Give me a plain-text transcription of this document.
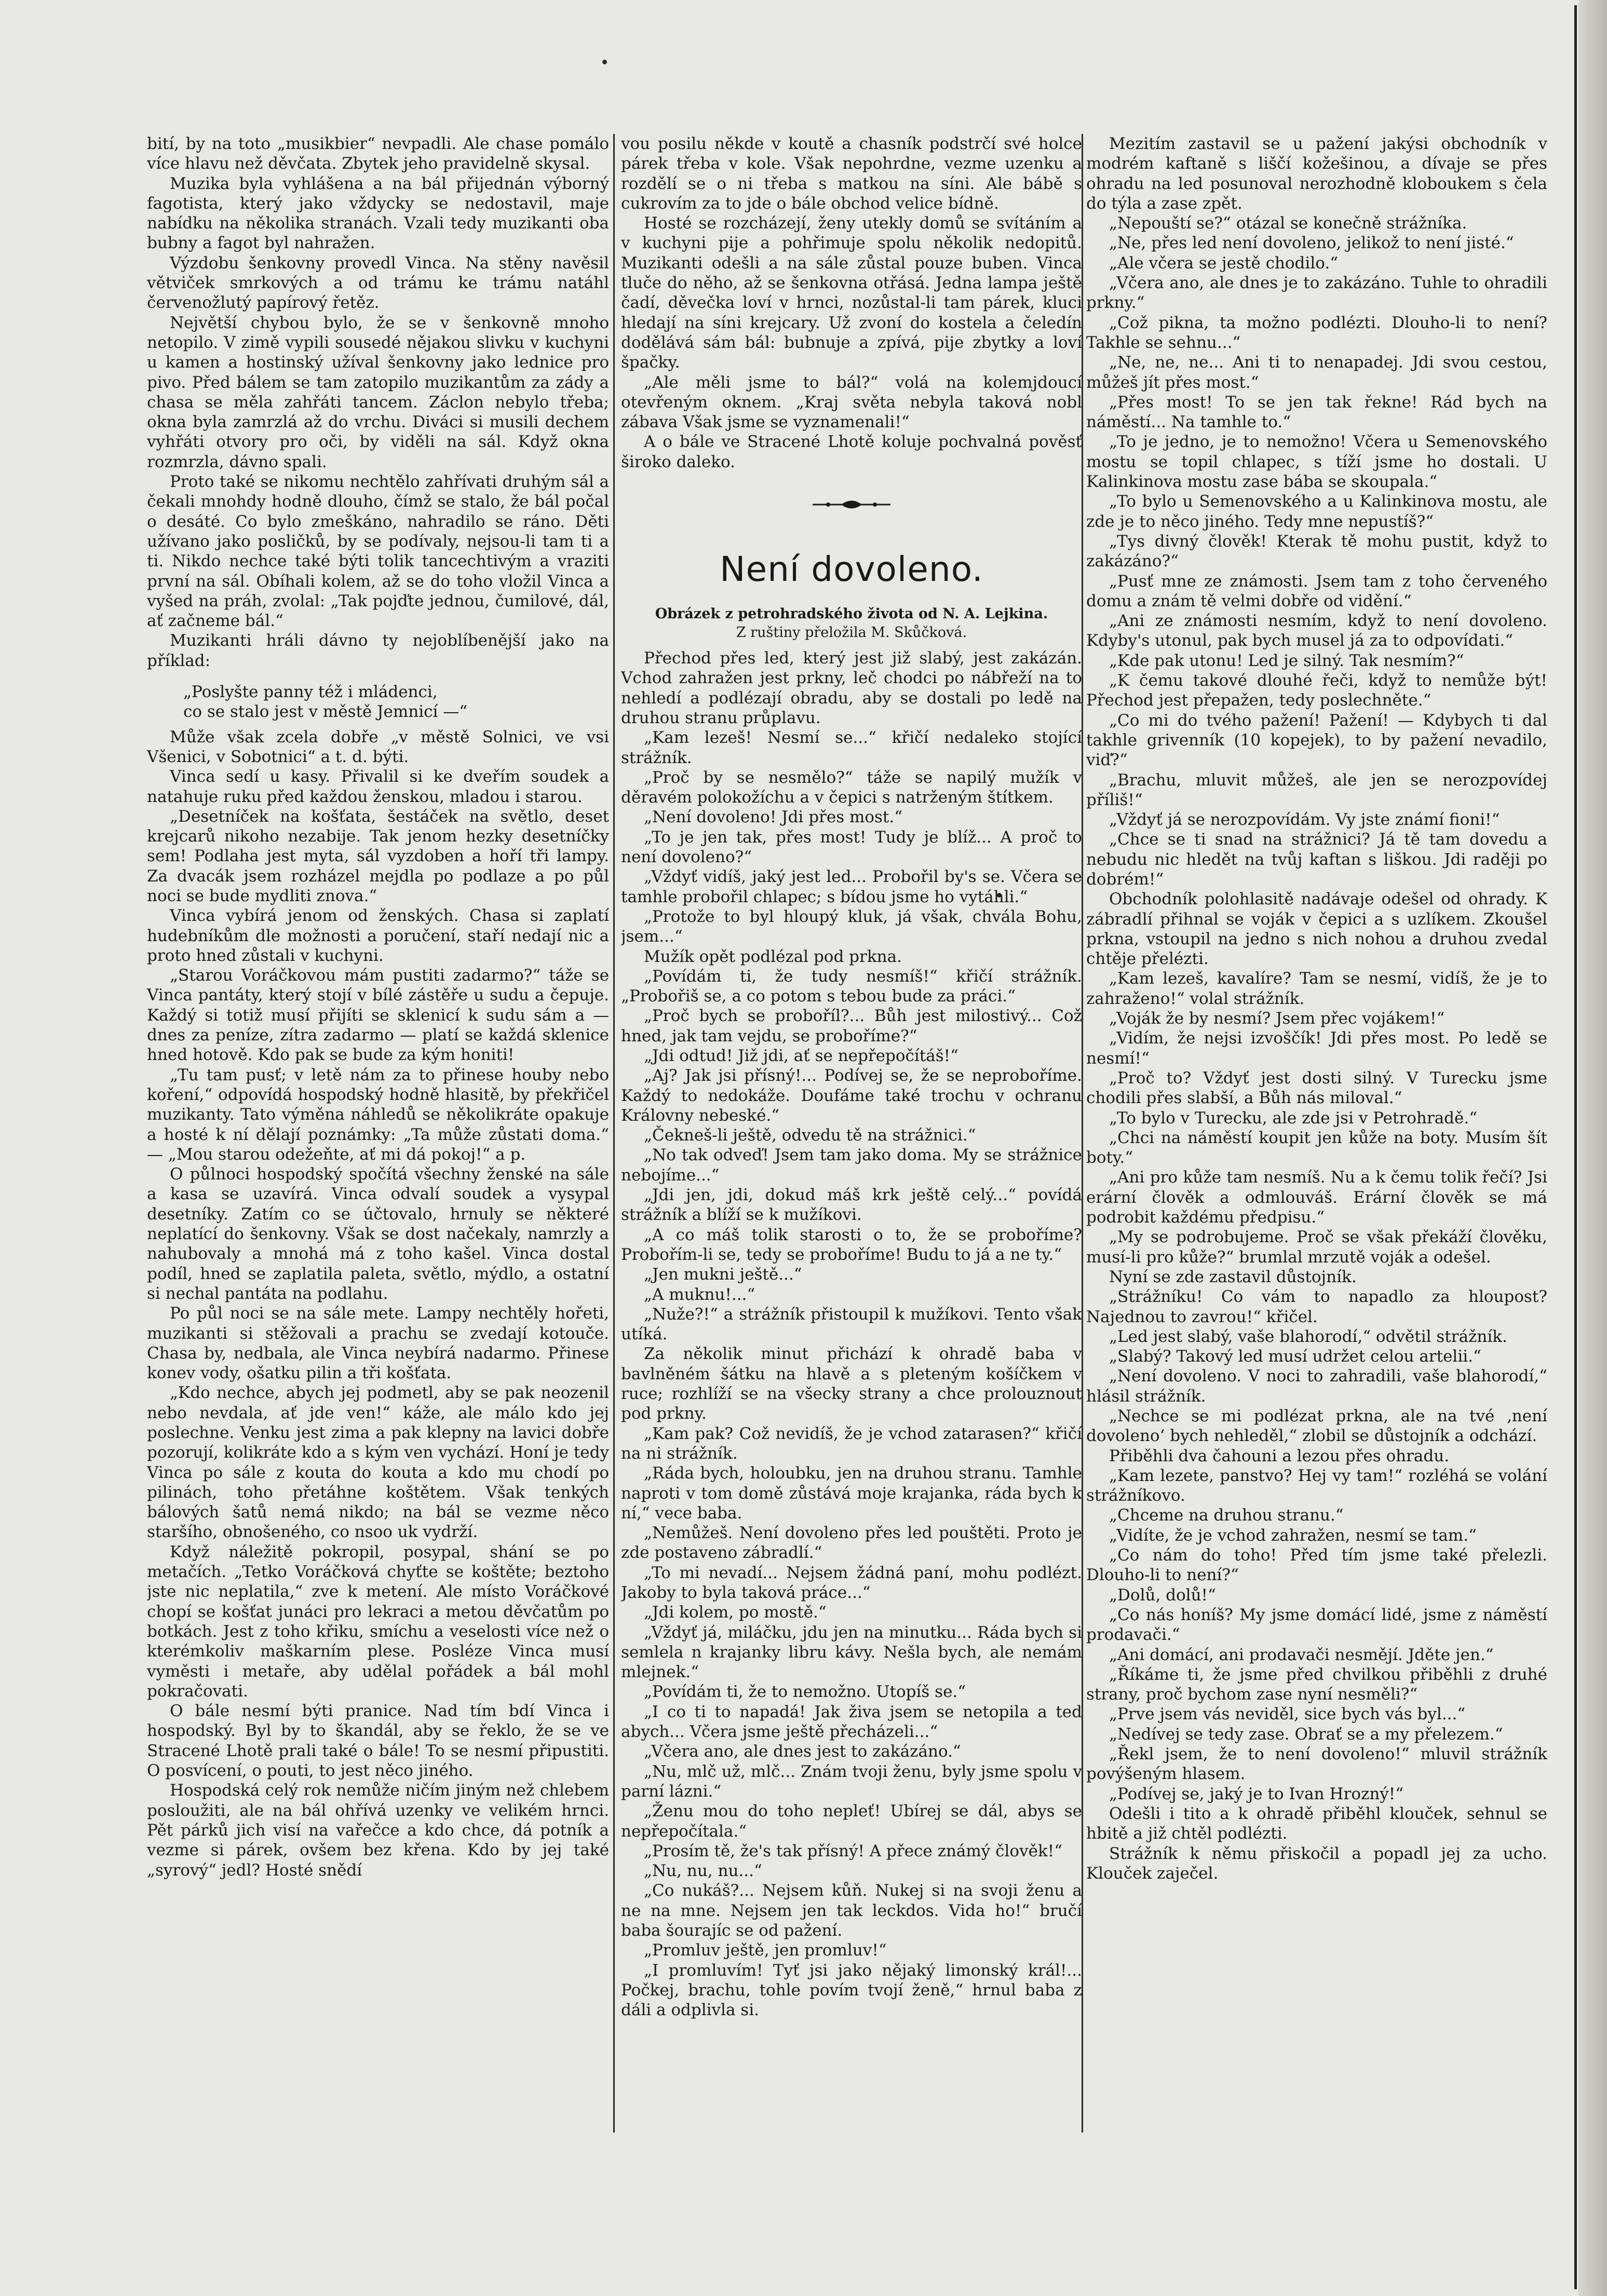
bití, by na toto „musikbier“ nevpadli. Ale chase pomálo více hlavu než děvčata. Zbytek jeho pravidelně skysal.

Muzika byla vyhlášena a na bál přijednán výborný fagotista, který jako vždycky se nedostavil, maje nabídku na několika stranách. Vzali tedy muzikanti oba bubny a fagot byl nahražen.

Výzdobu šenkovny provedl Vinca. Na stěny navěsil větviček smrkových a od trámu ke trámu natáhl červenožlutý papírový řetěz.

Největší chybou bylo, že se v šenkovně mnoho netopilo. V zimě vypili sousedé nějakou slivku v kuchyni u kamen a hostinský užíval šenkovny jako lednice pro pivo. Před bálem se tam zatopilo muzikantům za zády a chasa se měla zahřáti tancem. Záclon nebylo třeba; okna byla zamrzlá až do vrchu. Diváci si musili dechem vyhřáti otvory pro oči, by viděli na sál. Když okna rozmrzla, dávno spali.

Proto také se nikomu nechtělo zahřívati druhým sál a čekali mnohdy hodně dlouho, čímž se stalo, že bál počal o desáté. Co bylo zmeškáno, nahradilo se ráno. Děti užívano jako posličků, by se podívaly, nejsou-li tam ti a ti. Nikdo nechce také býti tolik tancechtivým a vraziti první na sál. Obíhali kolem, až se do toho vložil Vinca a vyšed na práh, zvolal: „Tak pojďte jednou, čumilové, dál, ať začneme bál.“

Muzikanti hráli dávno ty nejoblíbenější jako na příklad:

„Poslyšte panny též i mládenci,

co se stalo jest v městě Jemnicí —“

Může však zcela dobře „v městě Solnici, ve vsi Všenici, v Sobotnici“ a t. d. býti.

Vinca sedí u kasy. Přivalil si ke dveřím soudek a natahuje ruku před každou ženskou, mladou i starou.

„Desetníček na košťata, šestáček na světlo, deset krejcarů nikoho nezabije. Tak jenom hezky desetníčky sem! Podlaha jest myta, sál vyzdoben a hoří tři lampy. Za dvacák jsem rozházel mejdla po podlaze a po půl noci se bude mydliti znova.“

Vinca vybírá jenom od ženských. Chasa si zaplatí hudebníkům dle možnosti a poručení, staří nedají nic a proto hned zůstali v kuchyni.

„Starou Voráčkovou mám pustiti zadarmo?“ táže se Vinca pantáty, který stojí v bílé zástěře u sudu a čepuje. Každý si totiž musí přijíti se sklenicí k sudu sám a — dnes za peníze, zítra zadarmo — platí se každá sklenice hned hotově. Kdo pak se bude za kým honiti!

„Tu tam pusť; v letě nám za to přinese houby nebo koření,“ odpovídá hospodský hodně hlasitě, by překřičel muzikanty. Tato výměna náhledů se několikráte opakuje a hosté k ní dělají poznámky: „Ta může zůstati doma.“ — „Mou starou odežeňte, ať mi dá pokoj!“ a p.

O půlnoci hospodský spočítá všechny ženské na sále a kasa se uzavírá. Vinca odvalí soudek a vysypal desetníky. Zatím co se účtovalo, hrnuly se některé neplatící do šenkovny. Však se dost načekaly, namrzly a nahubovaly a mnohá má z toho kašel. Vinca dostal podíl, hned se zaplatila paleta, světlo, mýdlo, a ostatní si nechal pantáta na podlahu.

Po půl noci se na sále mete. Lampy nechtěly hořeti, muzikanti si stěžovali a prachu se zvedají kotouče. Chasa by, nedbala, ale Vinca neybírá nadarmo. Přinese konev vody, ošatku pilin a tři košťata.

„Kdo nechce, abych jej podmetl, aby se pak neozenil nebo nevdala, ať jde ven!“ káže, ale málo kdo jej poslechne. Venku jest zima a pak klepny na lavici dobře pozorují, kolikráte kdo a s kým ven vychází. Honí je tedy Vinca po sále z kouta do kouta a kdo mu chodí po pilinách, toho přetáhne koštětem. Však tenkých bálových šatů nemá nikdo; na bál se vezme něco staršího, obnošeného, co nsoo uk vydrží.

Když náležitě pokropil, posypal, shání se po metačích. „Tetko Voráčková chyťte se koštěte; beztoho jste nic neplatila,“ zve k metení. Ale místo Voráčkové chopí se košťat junáci pro lekraci a metou děvčatům po botkách. Jest z toho křiku, smíchu a veselosti více než o kterémkoliv maškarním plese. Posléze Vinca musí vyměsti i metaře, aby udělal pořádek a bál mohl pokračovati.

O bále nesmí býti pranice. Nad tím bdí Vinca i hospodský. Byl by to škandál, aby se řeklo, že se ve Stracené Lhotě prali také o bále! To se nesmí připustiti. O posvícení, o pouti, to jest něco jiného.

Hospodská celý rok nemůže ničím jiným než chlebem posloužiti, ale na bál ohřívá uzenky ve velikém hrnci. Pět párků jich visí na vařečce a kdo chce, dá potník a vezme si párek, ovšem bez křena. Kdo by jej také „syrový“ jedl? Hosté snědí

vou posilu někde v koutě a chasník podstrčí své holce párek třeba v kole. Však nepohrdne, vezme uzenku a rozdělí se o ni třeba s matkou na síni. Ale bábě s cukrovím za to jde o bále obchod velice bídně.

Hosté se rozcházejí, ženy utekly domů se svítáním a v kuchyni pije a pohřimuje spolu několik nedopitů. Muzikanti odešli a na sále zůstal pouze buben. Vinca tluče do něho, až se šenkovna otřásá. Jedna lampa ještě čadí, děvečka loví v hrnci, nozůstal-li tam párek, kluci hledají na síni krejcary. Už zvoní do kostela a čeledín dodělává sám bál: bubnuje a zpívá, pije zbytky a loví špačky.

„Ale měli jsme to bál?“ volá na kolemjdoucí otevřeným oknem. „Kraj světa nebyla taková nobl zábava Však jsme se vyznamenali!“

A o bále ve Stracené Lhotě koluje pochvalná pověsť široko daleko.

Není dovoleno.

Obrázek z petrohradského života od N. A. Lejkina.

Z ruštiny přeložila M. Skůčková.

Přechod přes led, který jest již slabý, jest zakázán. Vchod zahražen jest prkny, leč chodci po nábřeží na to nehledí a podlézají obradu, aby se dostali po ledě na druhou stranu průplavu.

„Kam lezeš! Nesmí se...“ křičí nedaleko stojící strážník.

„Proč by se nesmělo?“ táže se napilý mužík v děravém polokožíchu a v čepici s natrženým štítkem.

„Není dovoleno! Jdi přes most.“

„To je jen tak, přes most! Tudy je blíž... A proč to není dovoleno?“

„Vždyť vidíš, jaký jest led... Probořil by's se. Včera se tamhle probořil chlapec; s bídou jsme ho vytáhli.“

„Protože to byl hloupý kluk, já však, chvála Bohu, jsem...“

Mužík opět podlézal pod prkna.

„Povídám ti, že tudy nesmíš!“ křičí strážník. „Probořiš se, a co potom s tebou bude za práci.“

„Proč bych se proboříl?... Bůh jest milostivý... Což hned, jak tam vejdu, se proboříme?“

„Jdi odtud! Již jdi, ať se nepřepočítáš!“

„Aj? Jak jsi přísný!... Podívej se, že se neproboříme. Každý to nedokáže. Doufáme také trochu v ochranu Královny nebeské.“

„Čekneš-li ještě, odvedu tě na strážnici.“

„No tak odveď! Jsem tam jako doma. My se strážnice nebojíme...“

„Jdi jen, jdi, dokud máš krk ještě celý...“ povídá strážník a blíží se k mužíkovi.

„A co máš tolik starosti o to, že se proboříme? Probořím-li se, tedy se proboříme! Budu to já a ne ty.“

„Jen mukni ještě...“

„A muknu!...“

„Nuže?!“ a strážník přistoupil k mužíkovi. Tento však utíká.

Za několik minut přichází k ohradě baba v bavlněném šátku na hlavě a s pleteným košíčkem v ruce; rozhlíží se na všecky strany a chce prolouznout pod prkny.

„Kam pak? Což nevidíš, že je vchod zatarasen?“ křičí na ni strážník.

„Ráda bych, holoubku, jen na druhou stranu. Tamhle naproti v tom domě zůstává moje krajanka, ráda bych k ní,“ vece baba.

„Nemůžeš. Není dovoleno přes led pouštěti. Proto je zde postaveno zábradlí.“

„To mi nevadí... Nejsem žádná paní, mohu podlézt. Jakoby to byla taková práce...“

„Jdi kolem, po mostě.“

„Vždyť já, miláčku, jdu jen na minutku... Ráda bych si semlela n krajanky libru kávy. Nešla bych, ale nemám mlejnek.“

„Povídám ti, že to nemožno. Utopíš se.“

„I co ti to napadá! Jak živa jsem se netopila a teď abych... Včera jsme ještě přecházeli...“

„Včera ano, ale dnes jest to zakázáno.“

„Nu, mlč už, mlč... Znám tvoji ženu, byly jsme spolu v parní lázni.“

„Ženu mou do toho nepleť! Ubírej se dál, abys se nepřepočítala.“

„Prosím tě, že's tak přísný! A přece známý člověk!“

„Nu, nu, nu...“

„Co nukáš?... Nejsem kůň. Nukej si na svoji ženu a ne na mne. Nejsem jen tak leckdos. Vida ho!“ bručí baba šourajíc se od pažení.

„Promluv ještě, jen promluv!“

„I promluvím! Tyť jsi jako nějaký limonský král!... Počkej, brachu, tohle povím tvojí ženě,“ hrnul baba z dáli a odplivla si.

Mezitím zastavil se u pažení jakýsi obchodník v modrém kaftaně s liščí kožešinou, a dívaje se přes ohradu na led posunoval nerozhodně kloboukem s čela do týla a zase zpět.

„Nepouští se?“ otázal se konečně strážníka.

„Ne, přes led není dovoleno, jelikož to není jisté.“

„Ale včera se jestě chodilo.“

„Včera ano, ale dnes je to zakázáno. Tuhle to ohradili prkny.“

„Což pikna, ta možno podlézti. Dlouho-li to není? Takhle se sehnu...“

„Ne, ne, ne... Ani ti to nenapadej. Jdi svou cestou, můžeš jít přes most.“

„Přes most! To se jen tak řekne! Rád bych na náměstí... Na tamhle to.“

„To je jedno, je to nemožno! Včera u Semenovského mostu se topil chlapec, s tíží jsme ho dostali. U Kalinkinova mostu zase bába se skoupala.“

„To bylo u Semenovského a u Kalinkinova mostu, ale zde je to něco jiného. Tedy mne nepustíš?“

„Tys divný člověk! Kterak tě mohu pustit, když to zakázáno?“

„Pusť mne ze známosti. Jsem tam z toho červeného domu a znám tě velmi dobře od vidění.“

„Ani ze známosti nesmím, když to není dovoleno. Kdyby's utonul, pak bych musel já za to odpovídati.“

„Kde pak utonu! Led je silný. Tak nesmím?“

„K čemu takové dlouhé řeči, když to nemůže být! Přechod jest přepažen, tedy poslechněte.“

„Co mi do tvého pažení! Pažení! — Kdybych ti dal takhle grivenník (10 kopejek), to by pažení nevadilo, viď?“

„Brachu, mluvit můžeš, ale jen se nerozpovídej příliš!“

„Vždyť já se nerozpovídám. Vy jste známí fioni!“

„Chce se ti snad na strážnici? Já tě tam dovedu a nebudu nic hledět na tvůj kaftan s liškou. Jdi raději po dobrém!“

Obchodník polohlasitě nadávaje odešel od ohrady. K zábradlí přihnal se voják v čepici a s uzlíkem. Zkoušel prkna, vstoupil na jedno s nich nohou a druhou zvedal chtěje přelézti.

„Kam lezeš, kavalíre? Tam se nesmí, vidíš, že je to zahraženo!“ volal strážník.

„Voják že by nesmí? Jsem přec vojákem!“

„Vidím, že nejsi izvoščík! Jdi přes most. Po ledě se nesmí!“

„Proč to? Vždyť jest dosti silný. V Turecku jsme chodili přes slabší, a Bůh nás miloval.“

„To bylo v Turecku, ale zde jsi v Petrohradě.“

„Chci na náměstí koupit jen kůže na boty. Musím šít boty.“

„Ani pro kůže tam nesmíš. Nu a k čemu tolik řečí? Jsi erární člověk a odmlouváš. Erární člověk se má podrobit každému předpisu.“

„My se podrobujeme. Proč se však překáží člověku, musí-li pro kůže?“ brumlal mrzutě voják a odešel.

Nyní se zde zastavil důstojník.

„Strážníku! Co vám to napadlo za hloupost? Najednou to zavrou!“ křičel.

„Led jest slabý, vaše blahorodí,“ odvětil strážník.

„Slabý? Takový led musí udržet celou artelii.“

„Není dovoleno. V noci to zahradili, vaše blahorodí,“ hlásil strážník.

„Nechce se mi podlézat prkna, ale na tvé ‚není dovoleno‘ bych nehleděl,“ zlobil se důstojník a odchází.

Přiběhli dva čahouni a lezou přes ohradu.

„Kam lezete, panstvo? Hej vy tam!“ rozléhá se volání strážníkovo.

„Chceme na druhou stranu.“

„Vidíte, že je vchod zahražen, nesmí se tam.“

„Co nám do toho! Před tím jsme také přelezli. Dlouho-li to není?“

„Dolů, dolů!“

„Co nás honíš? My jsme domácí lidé, jsme z náměstí prodavači.“

„Ani domácí, ani prodavači nesmějí. Jděte jen.“

„Říkáme ti, že jsme před chvilkou přiběhli z druhé strany, proč bychom zase nyní nesměli?“

„Prve jsem vás neviděl, sice bych vás byl...“

„Nedívej se tedy zase. Obrať se a my přelezem.“

„Řekl jsem, že to není dovoleno!“ mluvil strážník povýšeným hlasem.

„Podívej se, jaký je to Ivan Hrozný!“

Odešli i tito a k ohradě přiběhl klouček, sehnul se hbitě a již chtěl podlézti.

Strážník k němu přiskočil a popadl jej za ucho. Klouček zaječel.
